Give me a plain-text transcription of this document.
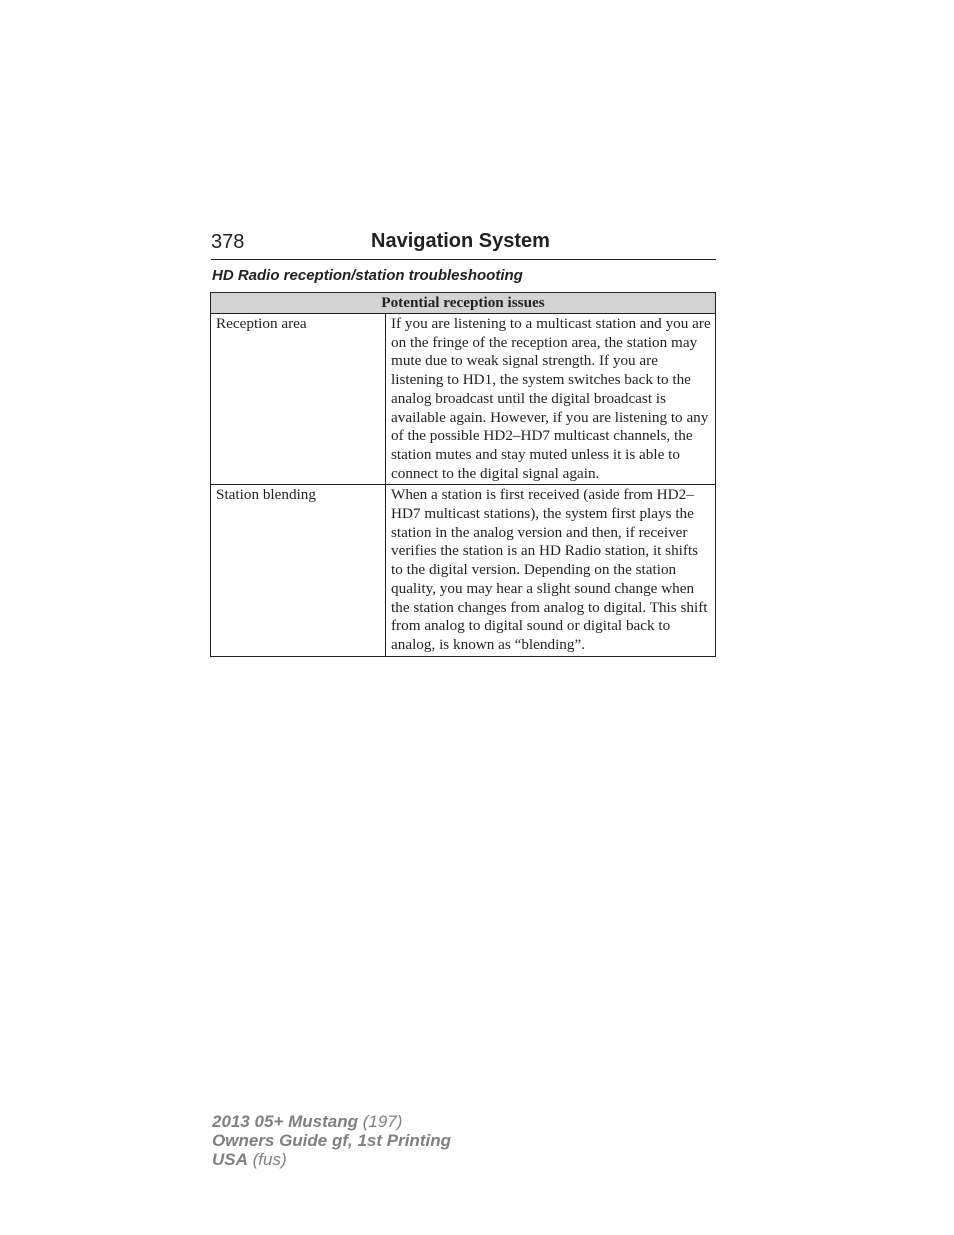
378	Navigation System
HD Radio reception/station troubleshooting
Potential reception issues	
Reception area	If you are listening to a multicast station and you are on the fringe of the reception area, the station may mute due to weak signal strength. If you are listening to HD1, the system switches back to the analog broadcast until the digital broadcast is available again. However, if you are listening to any of the possible HD2–HD7 multicast channels, the station mutes and stay muted unless it is able to connect to the digital signal again.
Station blending	When a station is first received (aside from HD2–HD7 multicast stations), the system first plays the station in the analog version and then, if receiver verifies the station is an HD Radio station, it shifts to the digital version. Depending on the station quality, you may hear a slight sound change when the station changes from analog to digital. This shift from analog to digital sound or digital back to analog, is known as “blending”.
2013 05+ Mustang (197)
Owners Guide gf, 1st Printing
USA (fus)
